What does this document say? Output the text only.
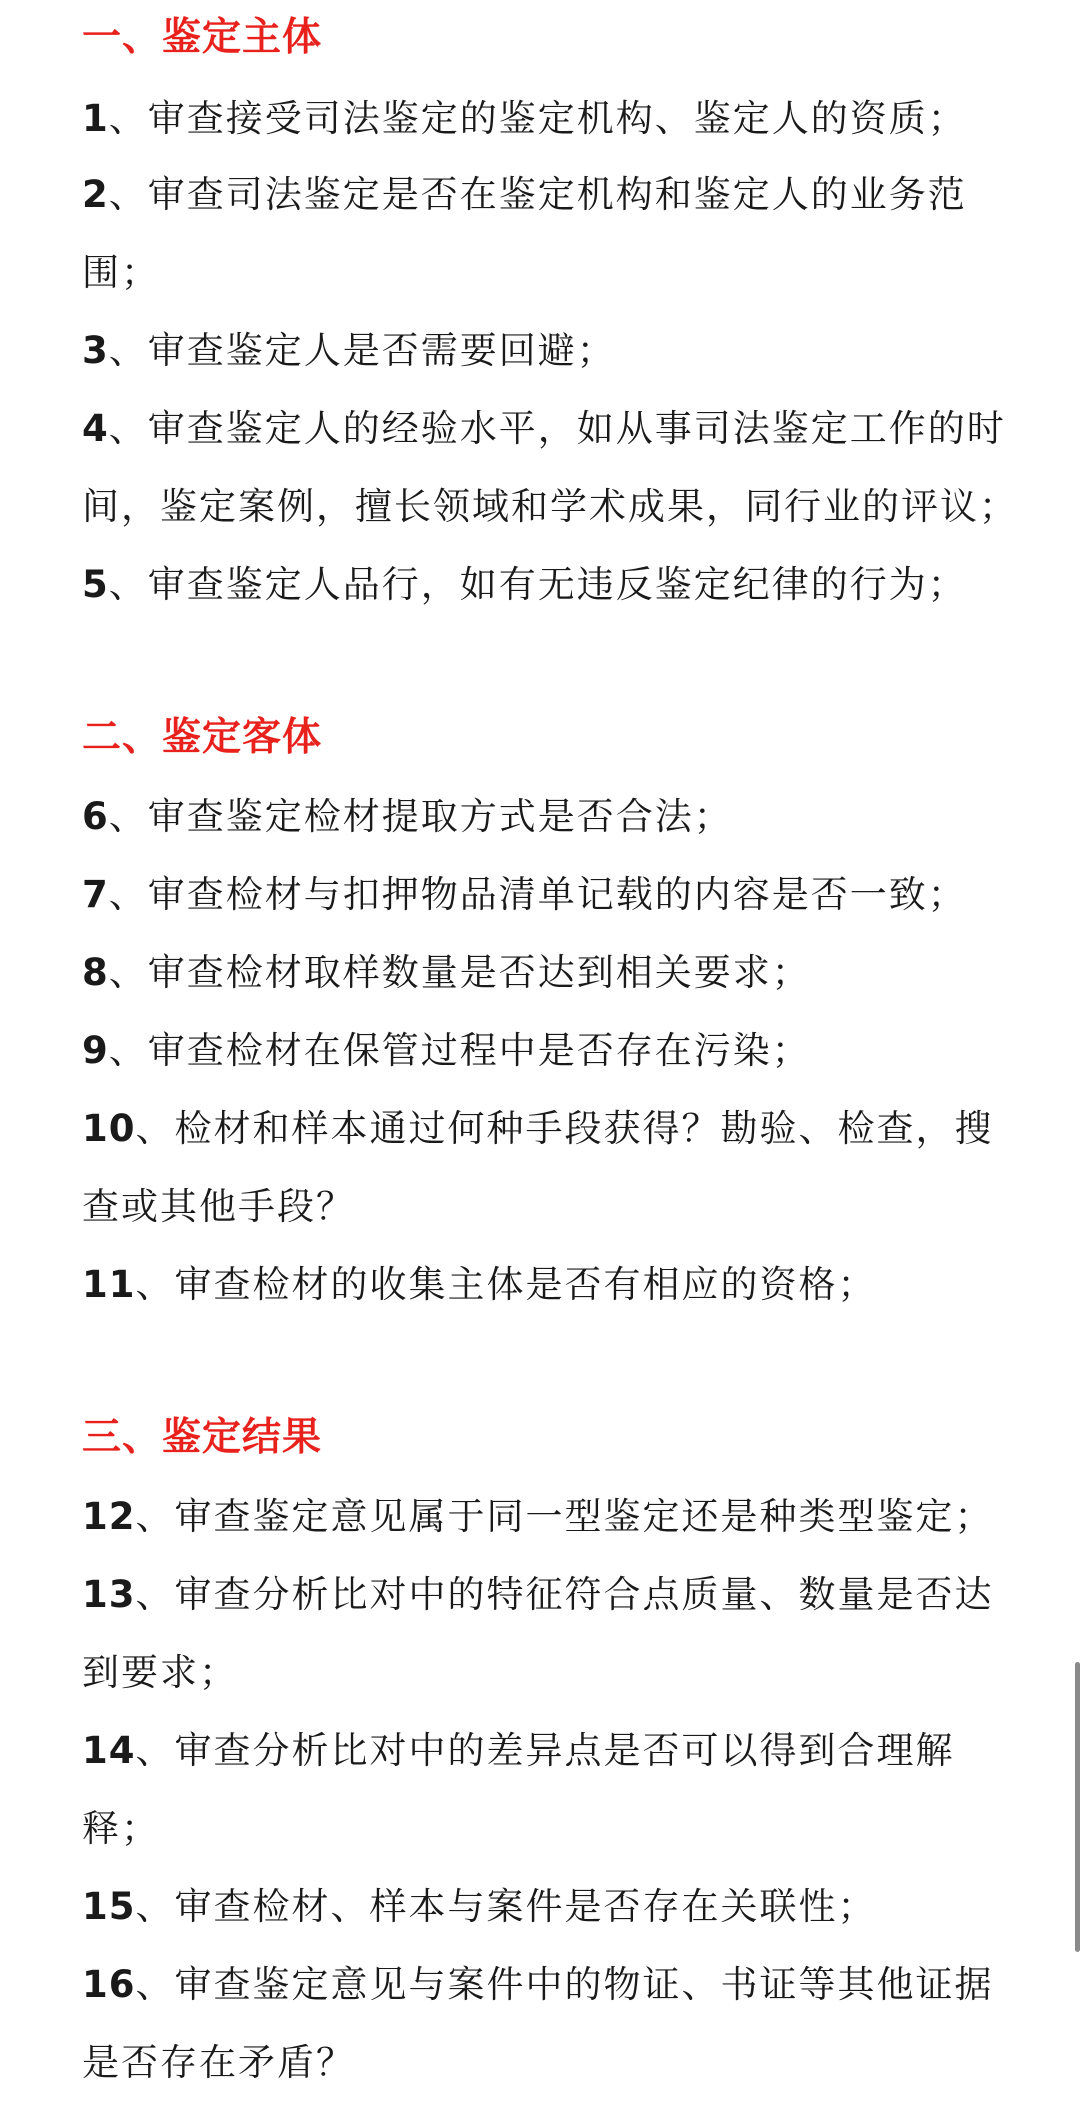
一、鉴定主体
1、审查接受司法鉴定的鉴定机构、鉴定人的资质；
2、审查司法鉴定是否在鉴定机构和鉴定人的业务范
围；
3、审查鉴定人是否需要回避；
4、审查鉴定人的经验水平，如从事司法鉴定工作的时
间，鉴定案例，擅长领域和学术成果，同行业的评议；
5、审查鉴定人品行，如有无违反鉴定纪律的行为；
二、鉴定客体
6、审查鉴定检材提取方式是否合法；
7、审查检材与扣押物品清单记载的内容是否一致；
8、审查检材取样数量是否达到相关要求；
9、审查检材在保管过程中是否存在污染；
10、检材和样本通过何种手段获得？勘验、检查，搜
查或其他手段？
11、审查检材的收集主体是否有相应的资格；
三、鉴定结果
12、审查鉴定意见属于同一型鉴定还是种类型鉴定；
13、审查分析比对中的特征符合点质量、数量是否达
到要求；
14、审查分析比对中的差异点是否可以得到合理解
释；
15、审查检材、样本与案件是否存在关联性；
16、审查鉴定意见与案件中的物证、书证等其他证据
是否存在矛盾？
